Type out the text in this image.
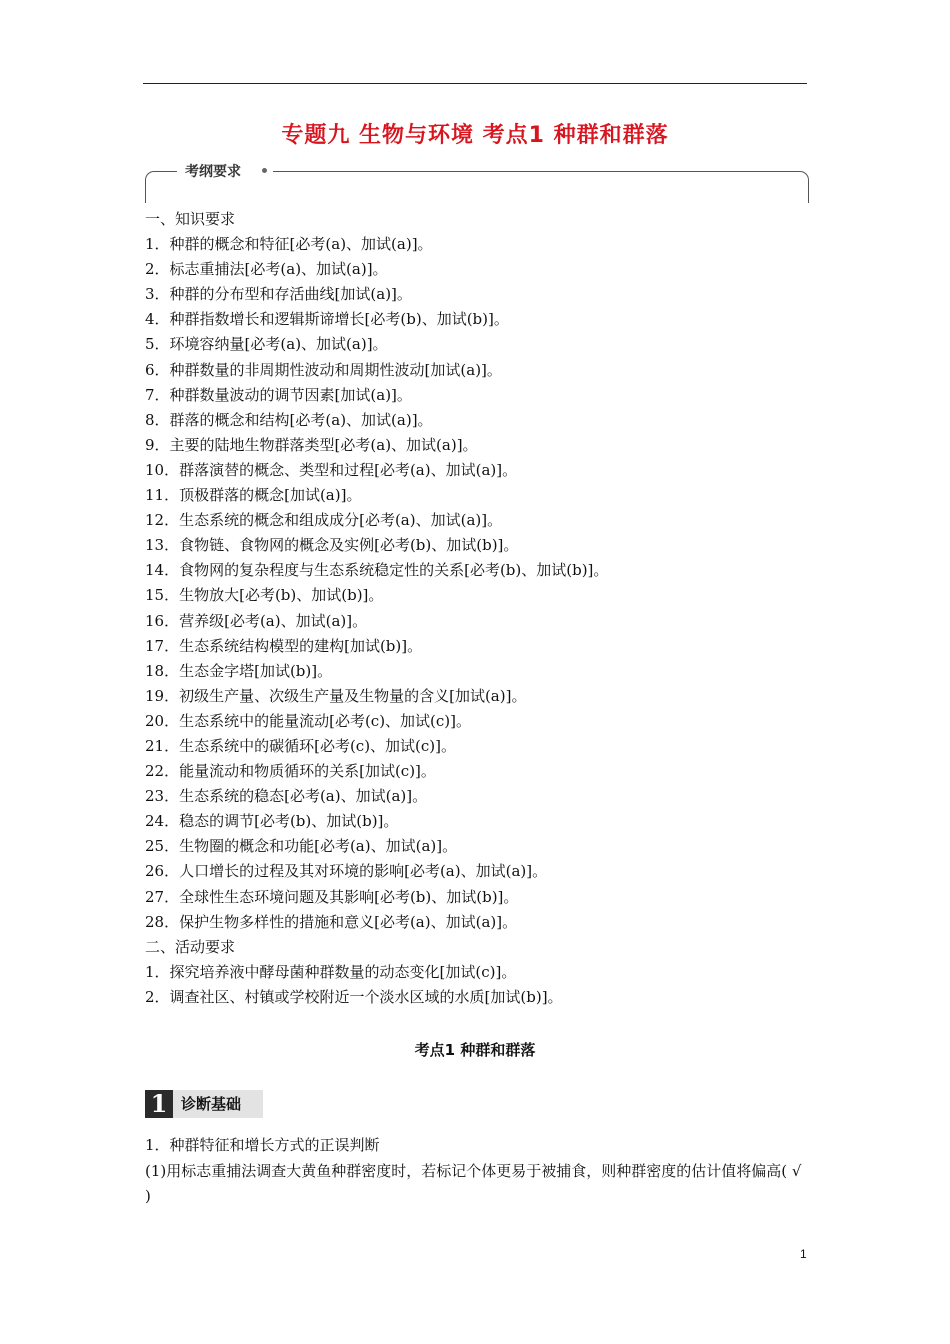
专题九 生物与环境 考点1 种群和群落
考纲要求
一、知识要求
1．种群的概念和特征[必考(a)、加试(a)]。
2．标志重捕法[必考(a)、加试(a)]。
3．种群的分布型和存活曲线[加试(a)]。
4．种群指数增长和逻辑斯谛增长[必考(b)、加试(b)]。
5．环境容纳量[必考(a)、加试(a)]。
6．种群数量的非周期性波动和周期性波动[加试(a)]。
7．种群数量波动的调节因素[加试(a)]。
8．群落的概念和结构[必考(a)、加试(a)]。
9．主要的陆地生物群落类型[必考(a)、加试(a)]。
10．群落演替的概念、类型和过程[必考(a)、加试(a)]。
11．顶极群落的概念[加试(a)]。
12．生态系统的概念和组成成分[必考(a)、加试(a)]。
13．食物链、食物网的概念及实例[必考(b)、加试(b)]。
14．食物网的复杂程度与生态系统稳定性的关系[必考(b)、加试(b)]。
15．生物放大[必考(b)、加试(b)]。
16．营养级[必考(a)、加试(a)]。
17．生态系统结构模型的建构[加试(b)]。
18．生态金字塔[加试(b)]。
19．初级生产量、次级生产量及生物量的含义[加试(a)]。
20．生态系统中的能量流动[必考(c)、加试(c)]。
21．生态系统中的碳循环[必考(c)、加试(c)]。
22．能量流动和物质循环的关系[加试(c)]。
23．生态系统的稳态[必考(a)、加试(a)]。
24．稳态的调节[必考(b)、加试(b)]。
25．生物圈的概念和功能[必考(a)、加试(a)]。
26．人口增长的过程及其对环境的影响[必考(a)、加试(a)]。
27．全球性生态环境问题及其影响[必考(b)、加试(b)]。
28．保护生物多样性的措施和意义[必考(a)、加试(a)]。
二、活动要求
1．探究培养液中酵母菌种群数量的动态变化[加试(c)]。
2．调查社区、村镇或学校附近一个淡水区域的水质[加试(b)]。
考点1 种群和群落
1 诊断基础
1．种群特征和增长方式的正误判断
(1)用标志重捕法调查大黄鱼种群密度时，若标记个体更易于被捕食，则种群密度的估计值将偏高( √ )
1
